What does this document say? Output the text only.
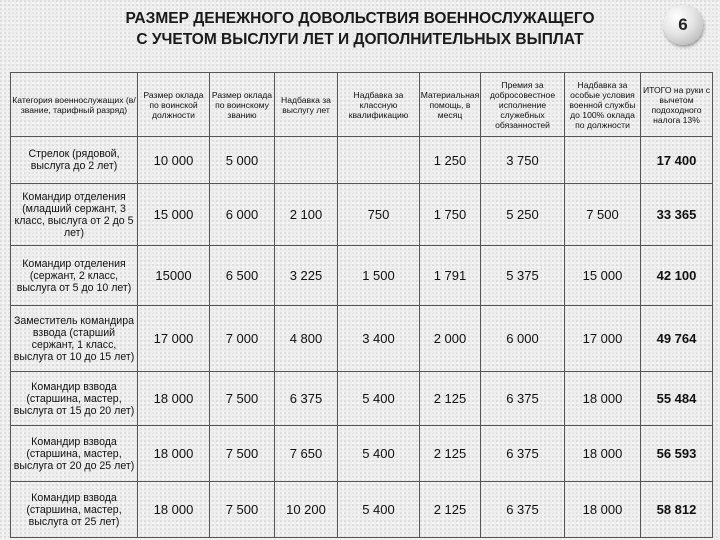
РАЗМЕР ДЕНЕЖНОГО ДОВОЛЬСТВИЯ ВОЕННОСЛУЖАЩЕГО
С УЧЕТОМ ВЫСЛУГИ ЛЕТ И ДОПОЛНИТЕЛЬНЫХ ВЫПЛАТ
6
Категория военнослужащих (в/звание, тарифный разряд)	Размер оклада по воинской должности	Размер оклада по воинскому званию	Надбавка за выслугу лет	Надбавка за классную квалификацию	Материальная помощь, в месяц	Премия за добросовестное исполнение служебных обязанностей	Надбавка за особые условия военной службы до 100% оклада по должности	ИТОГО на руки с вычетом подоходного налога 13%
Стрелок (рядовой, выслуга до 2 лет)	10 000	5 000			1 250	3 750		17 400
Командир отделения (младший сержант, 3 класс, выслуга от 2 до 5 лет)	15 000	6 000	2 100	750	1 750	5 250	7 500	33 365
Командир отделения (сержант, 2 класс, выслуга от 5 до 10 лет)	15000	6 500	3 225	1 500	1 791	5 375	15 000	42 100
Заместитель командира взвода (старший сержант, 1 класс, выслуга от 10 до 15 лет)	17 000	7 000	4 800	3 400	2 000	6 000	17 000	49 764
Командир взвода (старшина, мастер, выслуга от 15 до 20 лет)	18 000	7 500	6 375	5 400	2 125	6 375	18 000	55 484
Командир взвода (старшина, мастер, выслуга от 20 до 25 лет)	18 000	7 500	7 650	5 400	2 125	6 375	18 000	56 593
Командир взвода (старшина, мастер, выслуга от 25 лет)	18 000	7 500	10 200	5 400	2 125	6 375	18 000	58 812
